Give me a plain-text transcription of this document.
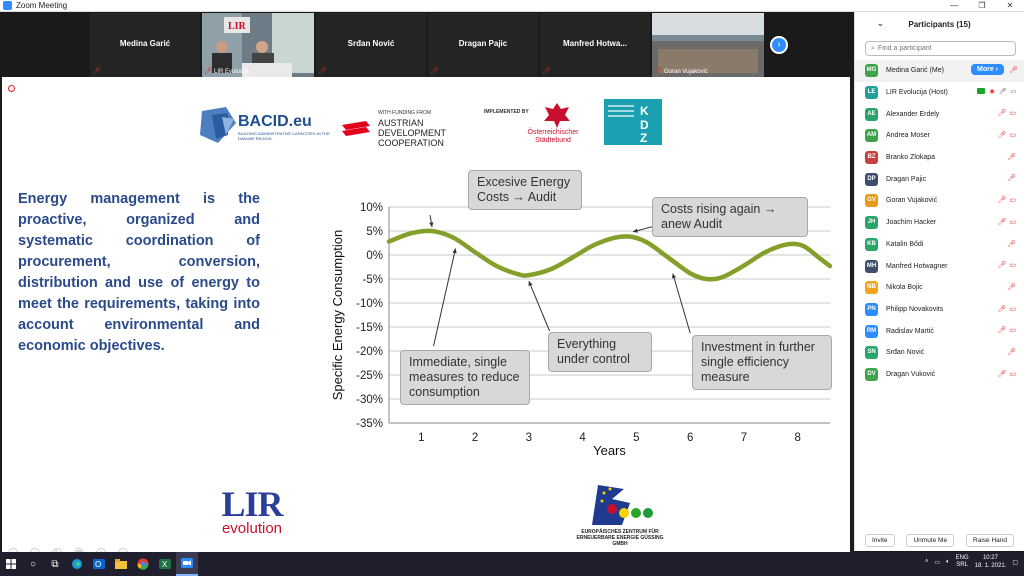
Zoom Meeting	—	❐	✕
Medina Garić
🎤︎
LIR
🎤︎ LIR Evolucija
Srđan Nović
🎤︎
Dragan Pajic
🎤︎
Manfred Hotwa...
🎤︎	🎤︎ Goran Vujaković
›
BACID.eu
BUILDING ADMINISTRATIVE CAPACITIES IN THE DANUBE REGION
WITH FUNDING FROM
AUSTRIAN DEVELOPMENT COOPERATION
IMPLEMENTED BY
Österreichischer Städtebund
K
D
Z
Energy management is the proactive, organized and systematic coordination of procurement, conversion, distribution and use of energy to meet the requirements, taking into account environmental and economic objectives.
10%
5%
0%
-5%
-10%
-15%
-20%
-25%
-30%
-35%
1	2	3	4	5	6	7	8
Years
Specific Energy Consumption
Excesive Energy Costs → Audit
Costs rising again → anew Audit
Immediate, single measures to reduce consumption
Everything under control
Investment in further single efficiency measure
LIR
evolution	EUROPÄISCHES ZENTRUM FÜR ERNEUERBARE ENERGIE GÜSSING GMBH
⌄	Participants (15)
⌕
Find a participant
MG Medina Garić (Me)	More ›	🎤︎
LE	LIR Evolucija (Host)	◉ 🎤︎ ▭
AE	Alexander Erdely	🎤︎ ▭
AM Andrea Moser	🎤︎ ▭
BZ	Branko Zlokapa	🎤︎
DP	Dragan Pajic	🎤︎
GV	Goran Vujaković	🎤︎ ▭
JH	Joachim Hacker	🎤︎ ▭
KB	Katalin Bődi	🎤︎
MH Manfred Hotwagner	🎤︎ ▭
NB	Nikola Bojic	🎤︎
PN	Philipp Novakovits	🎤︎ ▭
RM Radislav Martić	🎤︎ ▭
SN	Srđan Nović	🎤︎
DV	Dragan Vuković	🎤︎ ▭
Invite	Unmute Me	Raise Hand
○	⧉	O	X	˄ ▭ 🔈︎
ENG
SRL
10:27
18. 1. 2021.
▢
